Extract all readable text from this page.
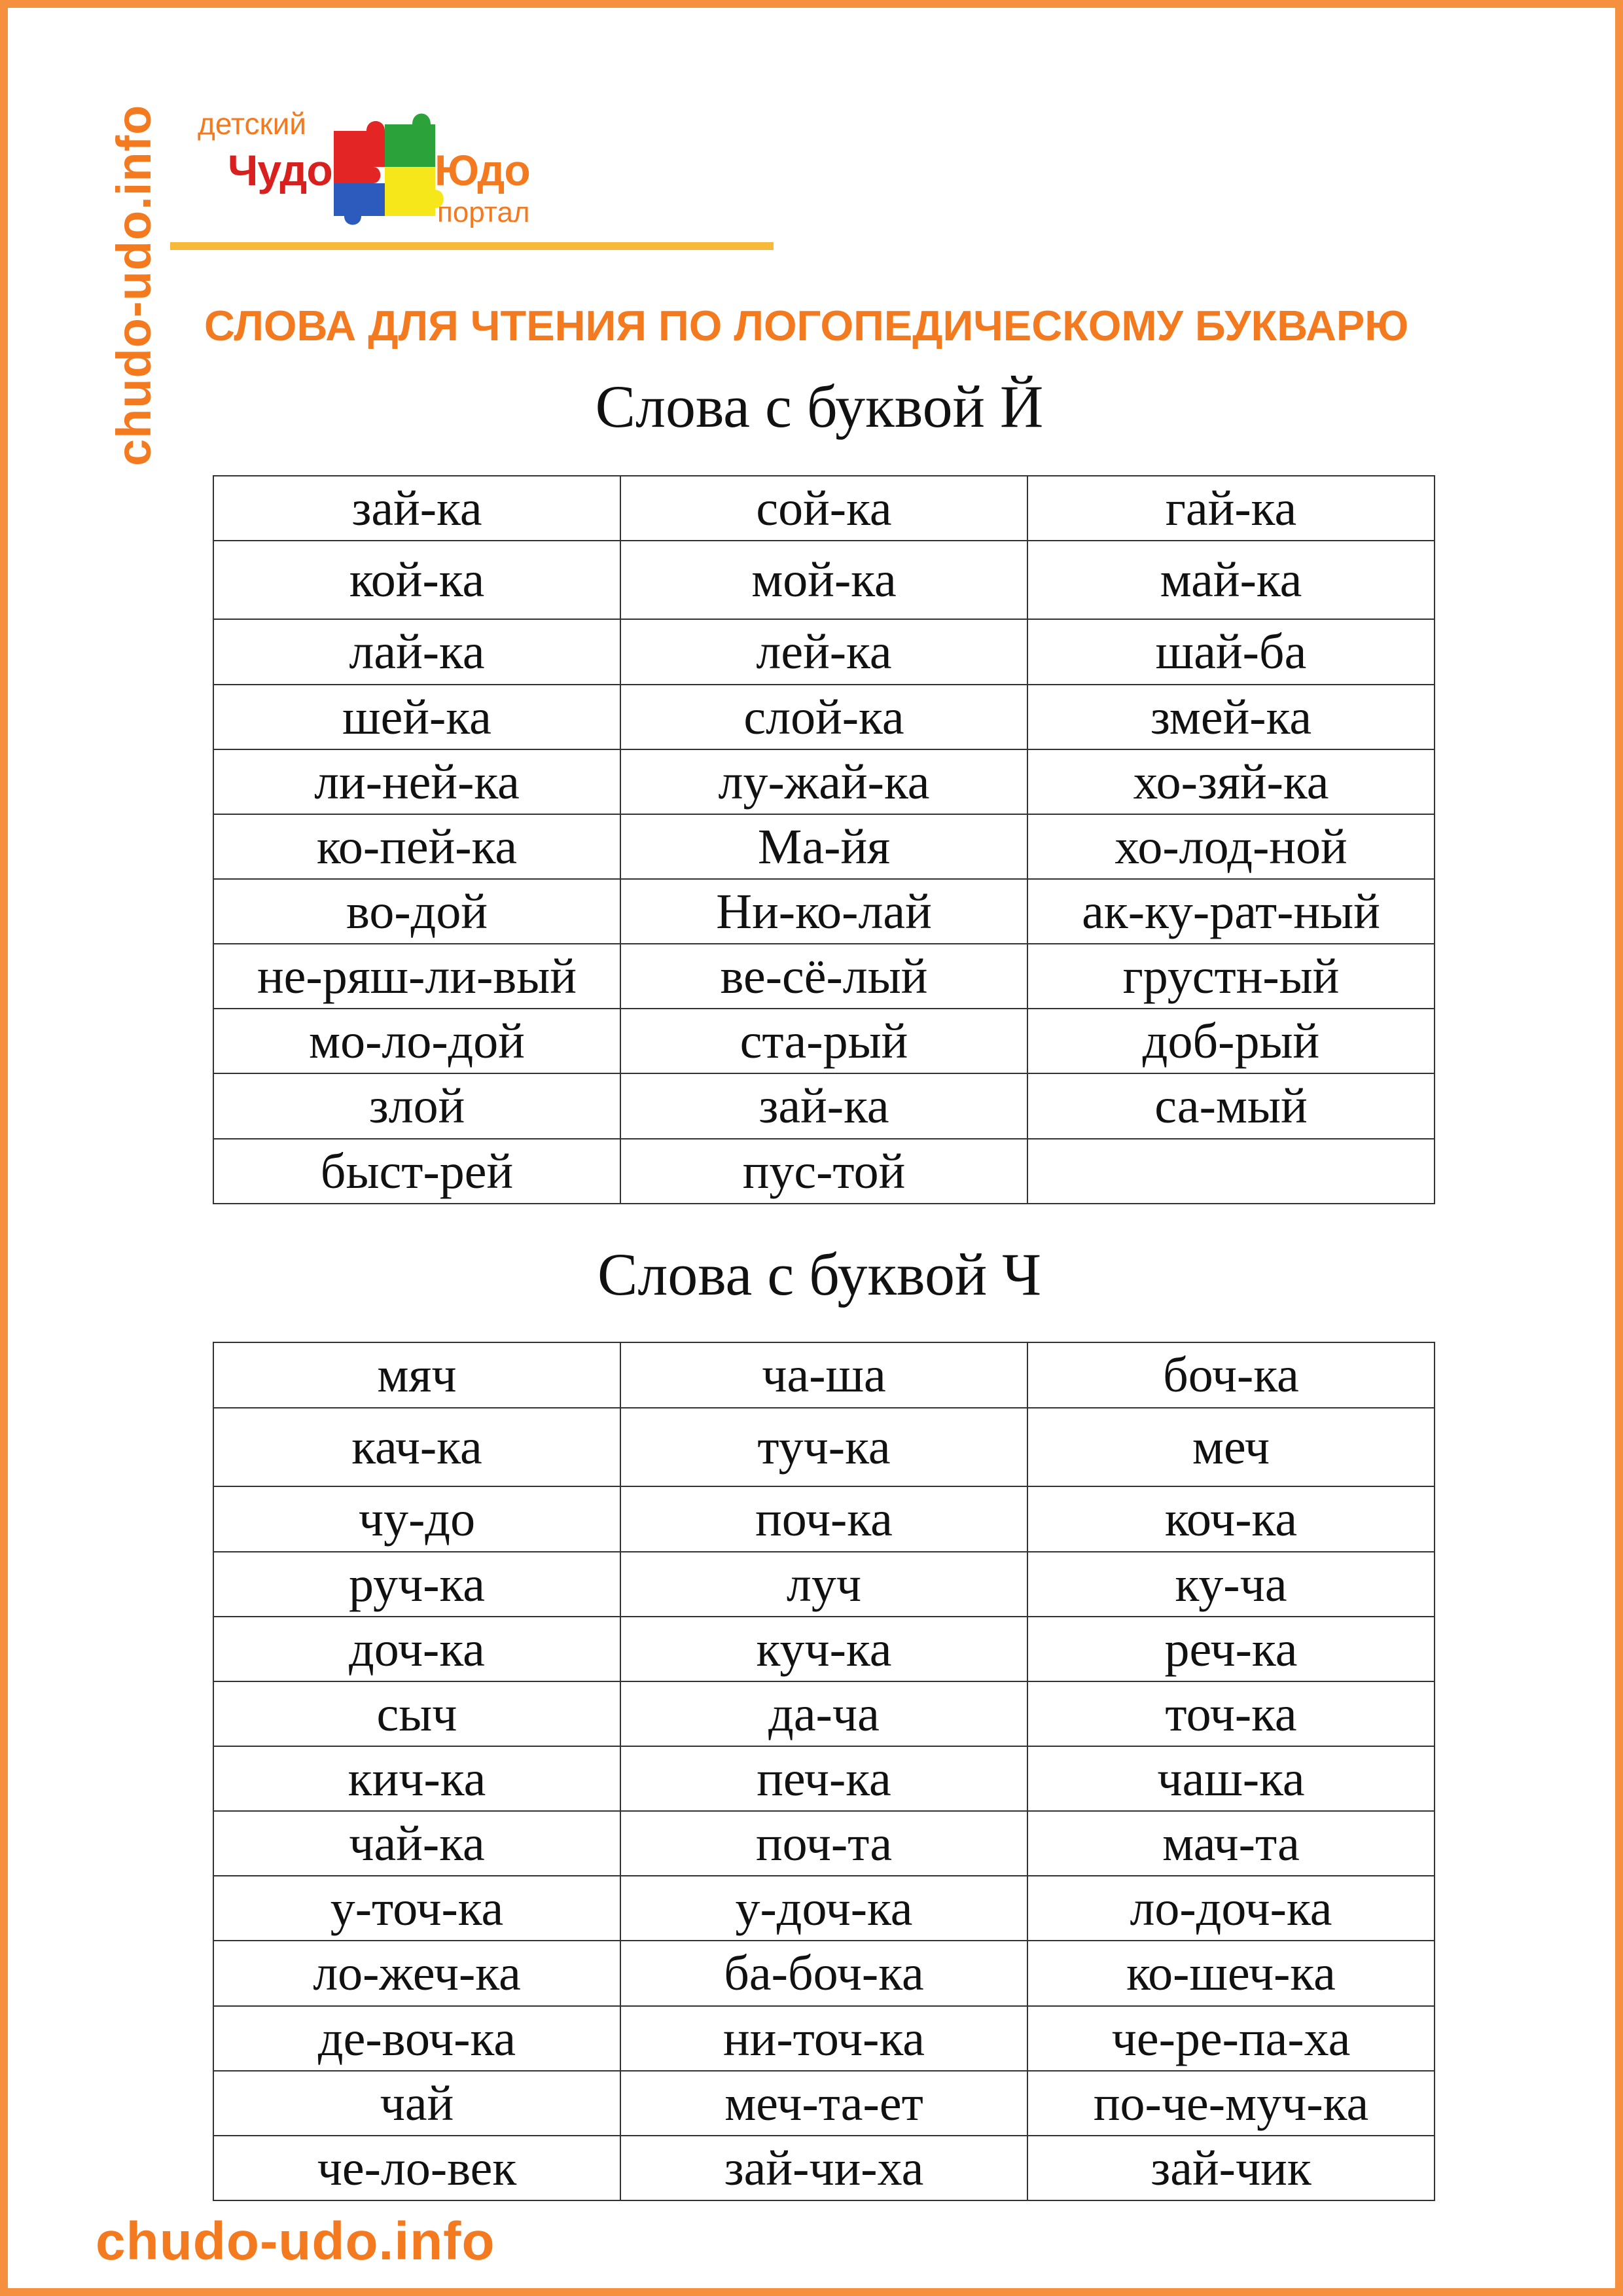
chudo-udo.info детский
Чудо Юдо
портал
СЛОВА ДЛЯ ЧТЕНИЯ ПО ЛОГОПЕДИЧЕСКОМУ БУКВАРЮ
Слова с буквой Й
зай-ка	сой-ка	гай-ка
кой-ка	мой-ка	май-ка
лай-ка	лей-ка	шай-ба
шей-ка	слой-ка	змей-ка
ли-ней-ка	лу-жай-ка	хо-зяй-ка
ко-пей-ка	Ма-йя	хо-лод-ной
во-дой	Ни-ко-лай	ак-ку-рат-ный
не-ряш-ли-вый	ве-сё-лый	грустн-ый
мо-ло-дой	ста-рый	доб-рый
злой	зай-ка	са-мый
быст-рей	пус-той	
Слова с буквой Ч
мяч	ча-ша	боч-ка
кач-ка	туч-ка	меч
чу-до	поч-ка	коч-ка
руч-ка	луч	ку-ча
доч-ка	куч-ка	реч-ка
сыч	да-ча	точ-ка
кич-ка	печ-ка	чаш-ка
чай-ка	поч-та	мач-та
у-точ-ка	у-доч-ка	ло-доч-ка
ло-жеч-ка	ба-боч-ка	ко-шеч-ка
де-воч-ка	ни-точ-ка	че-ре-па-ха
чай	меч-та-ет	по-че-муч-ка
че-ло-век	зай-чи-ха	зай-чик
chudo-udo.info
